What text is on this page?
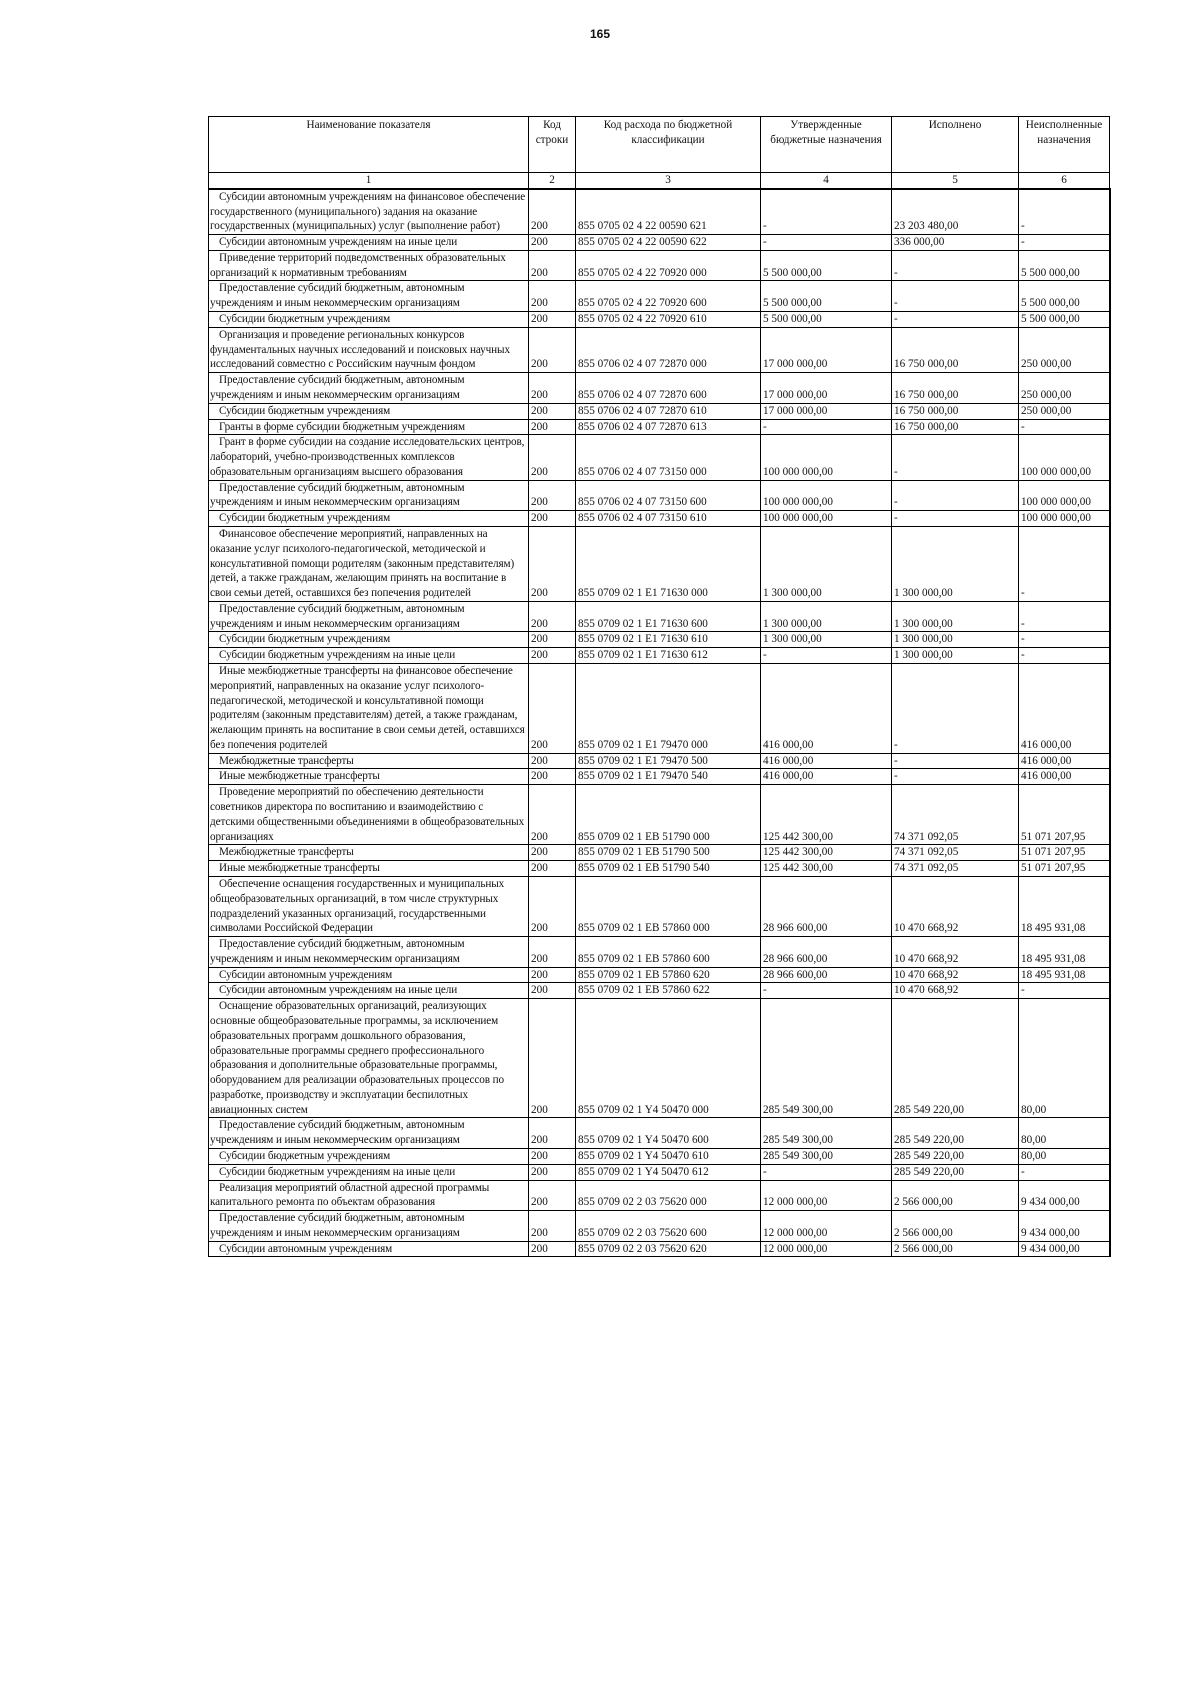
165
Наименование показателя	Код строки	Код расхода по бюджетной классификации	Утвержденные бюджетные назначения	Исполнено	Неисполненные назначения
1	2	3	4	5	6
Субсидии автономным учреждениям на финансовое обеспечение государственного (муниципального) задания на оказание государственных (муниципальных) услуг (выполнение работ)	200	855 0705 02 4 22 00590 621	-	23 203 480,00	-
Субсидии автономным учреждениям на иные цели	200	855 0705 02 4 22 00590 622	-	336 000,00	-
Приведение территорий подведомственных образовательных организаций к нормативным требованиям	200	855 0705 02 4 22 70920 000	5 500 000,00	-	5 500 000,00
Предоставление субсидий бюджетным, автономным учреждениям и иным некоммерческим организациям	200	855 0705 02 4 22 70920 600	5 500 000,00	-	5 500 000,00
Субсидии бюджетным учреждениям	200	855 0705 02 4 22 70920 610	5 500 000,00	-	5 500 000,00
Организация и проведение региональных конкурсов фундаментальных научных исследований и поисковых научных исследований совместно с Российским научным фондом	200	855 0706 02 4 07 72870 000	17 000 000,00	16 750 000,00	250 000,00
Предоставление субсидий бюджетным, автономным учреждениям и иным некоммерческим организациям	200	855 0706 02 4 07 72870 600	17 000 000,00	16 750 000,00	250 000,00
Субсидии бюджетным учреждениям	200	855 0706 02 4 07 72870 610	17 000 000,00	16 750 000,00	250 000,00
Гранты в форме субсидии бюджетным учреждениям	200	855 0706 02 4 07 72870 613	-	16 750 000,00	-
Грант в форме субсидии на создание исследовательских центров, лабораторий, учебно-производственных комплексов образовательным организациям высшего образования	200	855 0706 02 4 07 73150 000	100 000 000,00	-	100 000 000,00
Предоставление субсидий бюджетным, автономным учреждениям и иным некоммерческим организациям	200	855 0706 02 4 07 73150 600	100 000 000,00	-	100 000 000,00
Субсидии бюджетным учреждениям	200	855 0706 02 4 07 73150 610	100 000 000,00	-	100 000 000,00
Финансовое обеспечение мероприятий, направленных на оказание услуг психолого-педагогической, методической и консультативной помощи родителям (законным представителям) детей, а также гражданам, желающим принять на воспитание в свои семьи детей, оставшихся без попечения родителей	200	855 0709 02 1 E1 71630 000	1 300 000,00	1 300 000,00	-
Предоставление субсидий бюджетным, автономным учреждениям и иным некоммерческим организациям	200	855 0709 02 1 E1 71630 600	1 300 000,00	1 300 000,00	-
Субсидии бюджетным учреждениям	200	855 0709 02 1 E1 71630 610	1 300 000,00	1 300 000,00	-
Субсидии бюджетным учреждениям на иные цели	200	855 0709 02 1 E1 71630 612	-	1 300 000,00	-
Иные межбюджетные трансферты на финансовое обеспечение мероприятий, направленных на оказание услуг психолого-педагогической, методической и консультативной помощи родителям (законным представителям) детей, а также гражданам, желающим принять на воспитание в свои семьи детей, оставшихся без попечения родителей	200	855 0709 02 1 E1 79470 000	416 000,00	-	416 000,00
Межбюджетные трансферты	200	855 0709 02 1 E1 79470 500	416 000,00	-	416 000,00
Иные межбюджетные трансферты	200	855 0709 02 1 E1 79470 540	416 000,00	-	416 000,00
Проведение мероприятий по обеспечению деятельности советников директора по воспитанию и взаимодействию с детскими общественными объединениями в общеобразовательных организациях	200	855 0709 02 1 EB 51790 000	125 442 300,00	74 371 092,05	51 071 207,95
Межбюджетные трансферты	200	855 0709 02 1 EB 51790 500	125 442 300,00	74 371 092,05	51 071 207,95
Иные межбюджетные трансферты	200	855 0709 02 1 EB 51790 540	125 442 300,00	74 371 092,05	51 071 207,95
Обеспечение оснащения государственных и муниципальных общеобразовательных организаций, в том числе структурных подразделений указанных организаций, государственными символами Российской Федерации	200	855 0709 02 1 EB 57860 000	28 966 600,00	10 470 668,92	18 495 931,08
Предоставление субсидий бюджетным, автономным учреждениям и иным некоммерческим организациям	200	855 0709 02 1 EB 57860 600	28 966 600,00	10 470 668,92	18 495 931,08
Субсидии автономным учреждениям	200	855 0709 02 1 EB 57860 620	28 966 600,00	10 470 668,92	18 495 931,08
Субсидии автономным учреждениям на иные цели	200	855 0709 02 1 EB 57860 622	-	10 470 668,92	-
Оснащение образовательных организаций, реализующих основные общеобразовательные программы, за исключением образовательных программ дошкольного образования, образовательные программы среднего профессионального образования и дополнительные образовательные программы, оборудованием для реализации образовательных процессов по разработке, производству и эксплуатации беспилотных авиационных систем	200	855 0709 02 1 Y4 50470 000	285 549 300,00	285 549 220,00	80,00
Предоставление субсидий бюджетным, автономным учреждениям и иным некоммерческим организациям	200	855 0709 02 1 Y4 50470 600	285 549 300,00	285 549 220,00	80,00
Субсидии бюджетным учреждениям	200	855 0709 02 1 Y4 50470 610	285 549 300,00	285 549 220,00	80,00
Субсидии бюджетным учреждениям на иные цели	200	855 0709 02 1 Y4 50470 612	-	285 549 220,00	-
Реализация мероприятий областной адресной программы капитального ремонта по объектам образования	200	855 0709 02 2 03 75620 000	12 000 000,00	2 566 000,00	9 434 000,00
Предоставление субсидий бюджетным, автономным учреждениям и иным некоммерческим организациям	200	855 0709 02 2 03 75620 600	12 000 000,00	2 566 000,00	9 434 000,00
Субсидии автономным учреждениям	200	855 0709 02 2 03 75620 620	12 000 000,00	2 566 000,00	9 434 000,00
